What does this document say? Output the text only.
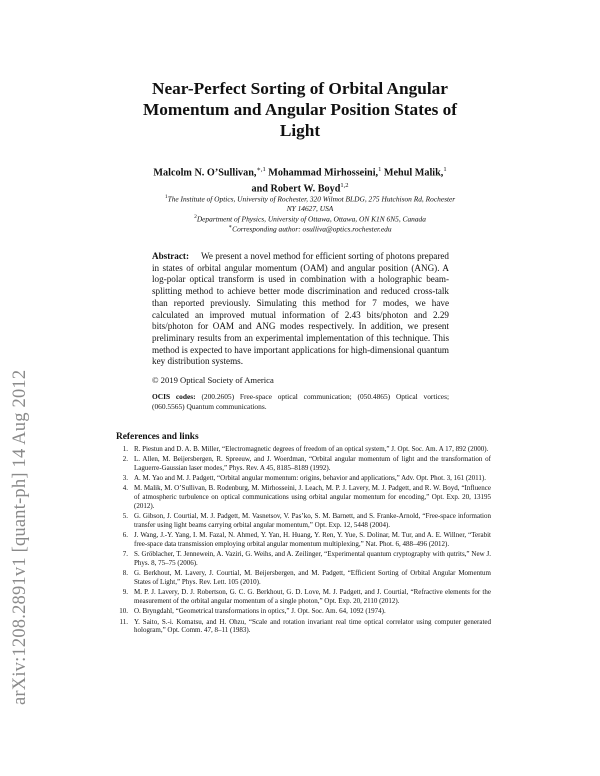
arXiv:1208.2891v1 [quant-ph] 14 Aug 2012
Near-Perfect Sorting of Orbital Angular Momentum and Angular Position States of Light
Malcolm N. O’Sullivan,$^{∗,1}$ Mohammad Mirhosseini,$^1$ Mehul Malik,$^1$
and Robert W. Boyd$^{1,2}$
$^1$The Institute of Optics, University of Rochester, 320 Wilmot BLDG, 275 Hutchison Rd, Rochester NY 14627, USA
$^2$Department of Physics, University of Ottawa, Ottawa, ON K1N 6N5, Canada
∗Corresponding author: osulliva@optics.rochester.edu
Abstract: We present a novel method for efficient sorting of photons prepared in states of orbital angular momentum (OAM) and angular position (ANG). A log-polar optical transform is used in combination with a holographic beam-splitting method to achieve better mode discrimination and reduced cross-talk than reported previously. Simulating this method for 7 modes, we have calculated an improved mutual information of 2.43 bits/photon and 2.29 bits/photon for OAM and ANG modes respectively. In addition, we present preliminary results from an experimental implementation of this technique. This method is expected to have important applications for high-dimensional quantum key distribution systems.
© 2019 Optical Society of America
OCIS codes: (200.2605) Free-space optical communication; (050.4865) Optical vortices; (060.5565) Quantum communications.
References and links
1. R. Piestun and D. A. B. Miller, “Electromagnetic degrees of freedom of an optical system,” J. Opt. Soc. Am. A 17, 892 (2000).
2. L. Allen, M. Beijersbergen, R. Spreeuw, and J. Woerdman, “Orbital angular momentum of light and the transformation of Laguerre-Gaussian laser modes,” Phys. Rev. A 45, 8185–8189 (1992).
3. A. M. Yao and M. J. Padgett, “Orbital angular momentum: origins, behavior and applications,” Adv. Opt. Phot. 3, 161 (2011).
4. M. Malik, M. O’Sullivan, B. Rodenburg, M. Mirhosseini, J. Leach, M. P. J. Lavery, M. J. Padgett, and R. W. Boyd, “Influence of atmospheric turbulence on optical communications using orbital angular momentum for encoding,” Opt. Exp. 20, 13195 (2012).
5. G. Gibson, J. Courtial, M. J. Padgett, M. Vasnetsov, V. Pas’ko, S. M. Barnett, and S. Franke-Arnold, “Free-space information transfer using light beams carrying orbital angular momentum,” Opt. Exp. 12, 5448 (2004).
6. J. Wang, J.-Y. Yang, I. M. Fazal, N. Ahmed, Y. Yan, H. Huang, Y. Ren, Y. Yue, S. Dolinar, M. Tur, and A. E. Willner, “Terabit free-space data transmission employing orbital angular momentum multiplexing,” Nat. Phot. 6, 488–496 (2012).
7. S. Gröblacher, T. Jennewein, A. Vaziri, G. Weihs, and A. Zeilinger, “Experimental quantum cryptography with qutrits,” New J. Phys. 8, 75–75 (2006).
8. G. Berkhout, M. Lavery, J. Courtial, M. Beijersbergen, and M. Padgett, “Efficient Sorting of Orbital Angular Momentum States of Light,” Phys. Rev. Lett. 105 (2010).
9. M. P. J. Lavery, D. J. Robertson, G. C. G. Berkhout, G. D. Love, M. J. Padgett, and J. Courtial, “Refractive elements for the measurement of the orbital angular momentum of a single photon,” Opt. Exp. 20, 2110 (2012).
10. O. Bryngdahl, “Geometrical transformations in optics,” J. Opt. Soc. Am. 64, 1092 (1974).
11. Y. Saito, S.-i. Komatsu, and H. Ohzu, “Scale and rotation invariant real time optical correlator using computer generated hologram,” Opt. Comm. 47, 8–11 (1983).
